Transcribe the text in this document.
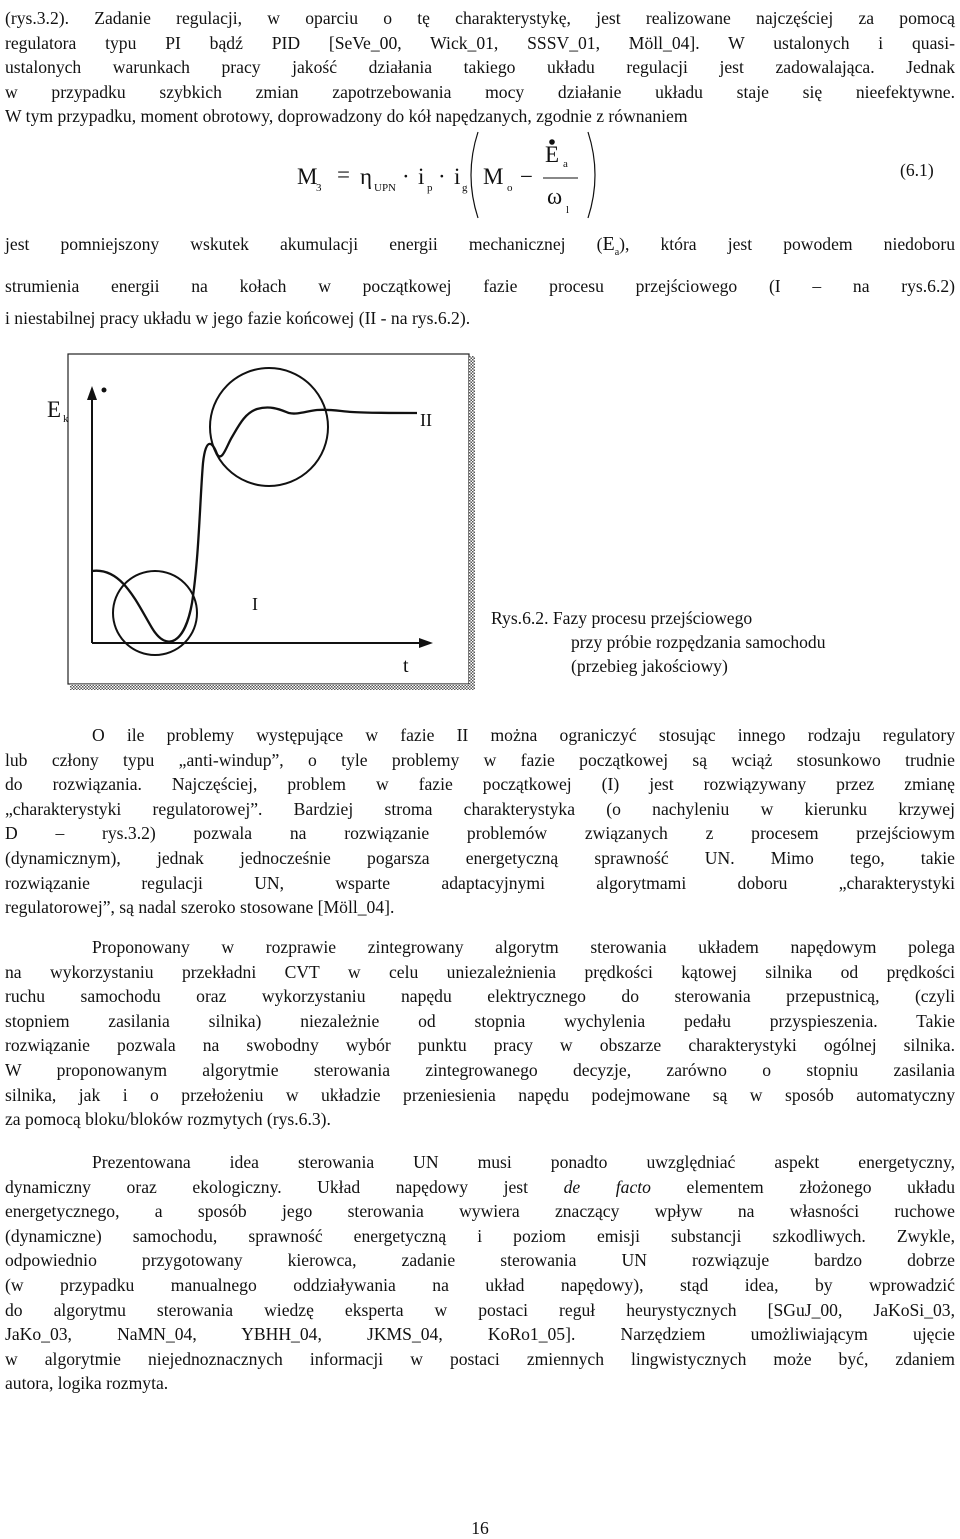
(rys.3.2). Zadanie regulacji, w oparciu o tę charakterystykę, jest realizowane najczęściej za pomocą
regulatora typu PI bądź PID [SeVe_00, Wick_01, SSSV_01, Möll_04]. W ustalonych i quasi-
ustalonych warunkach pracy jakość działania takiego układu regulacji jest zadowalająca. Jednak
w przypadku szybkich zmian zapotrzebowania mocy działanie układu staje się nieefektywne.
W tym przypadku, moment obrotowy, doprowadzony do kół napędzanych, zgodnie z równaniem
M
3
= η UPN · i p · i g M o −
E a
ω
l
(6.1)
jest pomniejszony wskutek akumulacji energii mechanicznej $(E_a)$, która jest powodem niedoboru
strumienia energii na kołach w początkowej fazie procesu przejściowego (I – na rys.6.2)
i niestabilnej pracy układu w jego fazie końcowej (II - na rys.6.2).
E k	II
I
t
Rys.6.2. Fazy procesu przejściowego
przy próbie rozpędzania samochodu
(przebieg jakościowy)
O ile problemy występujące w fazie II można ograniczyć stosując innego rodzaju regulatory
lub człony typu „anti-windup”, o tyle problemy w fazie początkowej są wciąż stosunkowo trudnie
do rozwiązania. Najczęściej, problem w fazie początkowej (I) jest rozwiązywany przez zmianę
„charakterystyki regulatorowej”. Bardziej stroma charakterystyka (o nachyleniu w kierunku krzywej
D – rys.3.2) pozwala na rozwiązanie problemów związanych z procesem przejściowym
(dynamicznym), jednak jednocześnie pogarsza energetyczną sprawność UN. Mimo tego, takie
rozwiązanie regulacji UN, wsparte adaptacyjnymi algorytmami doboru „charakterystyki
regulatorowej”, są nadal szeroko stosowane [Möll_04].
Proponowany w rozprawie zintegrowany algorytm sterowania układem napędowym polega
na wykorzystaniu przekładni CVT w celu uniezależnienia prędkości kątowej silnika od prędkości
ruchu samochodu oraz wykorzystaniu napędu elektrycznego do sterowania przepustnicą, (czyli
stopniem zasilania silnika) niezależnie od stopnia wychylenia pedału przyspieszenia. Takie
rozwiązanie pozwala na swobodny wybór punktu pracy w obszarze charakterystyki ogólnej silnika.
W proponowanym algorytmie sterowania zintegrowanego decyzje, zarówno o stopniu zasilania
silnika, jak i o przełożeniu w układzie przeniesienia napędu podejmowane są w sposób automatyczny
za pomocą bloku/bloków rozmytych (rys.6.3).
Prezentowana idea sterowania UN musi ponadto uwzględniać aspekt energetyczny,
dynamiczny oraz ekologiczny. Układ napędowy jest de facto elementem złożonego układu
energetycznego, a sposób jego sterowania wywiera znaczący wpływ na własności ruchowe
(dynamiczne) samochodu, sprawność energetyczną i poziom emisji substancji szkodliwych. Zwykle,
odpowiednio przygotowany kierowca, zadanie sterowania UN rozwiązuje bardzo dobrze
(w przypadku manualnego oddziaływania na układ napędowy), stąd idea, by wprowadzić
do algorytmu sterowania wiedzę eksperta w postaci reguł heurystycznych [SGuJ_00, JaKoSi_03,
JaKo_03, NaMN_04, YBHH_04, JKMS_04, KoRo1_05]. Narzędziem umożliwiającym ujęcie
w algorytmie niejednoznacznych informacji w postaci zmiennych lingwistycznych może być, zdaniem
autora, logika rozmyta.
16
